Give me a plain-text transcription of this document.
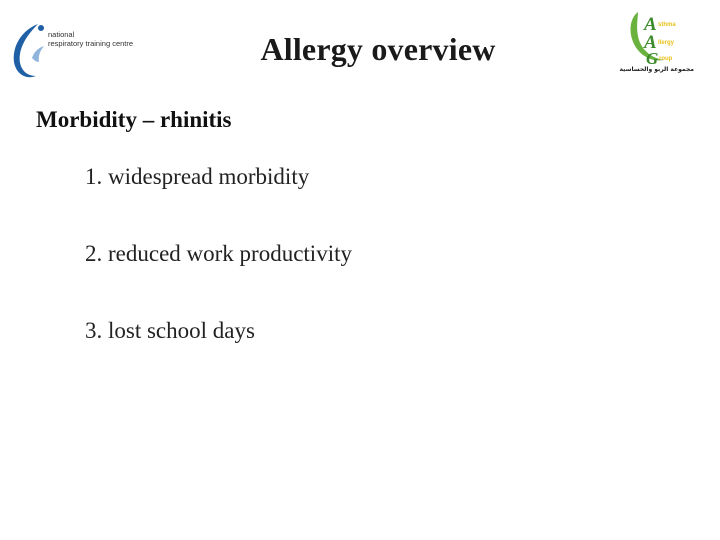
national
respiratory training centre
A
A
G
sthma
llergy
roup
مجموعة الربو والحساسية
Allergy overview
Morbidity – rhinitis
1. widespread morbidity
2. reduced work productivity
3. lost school days
